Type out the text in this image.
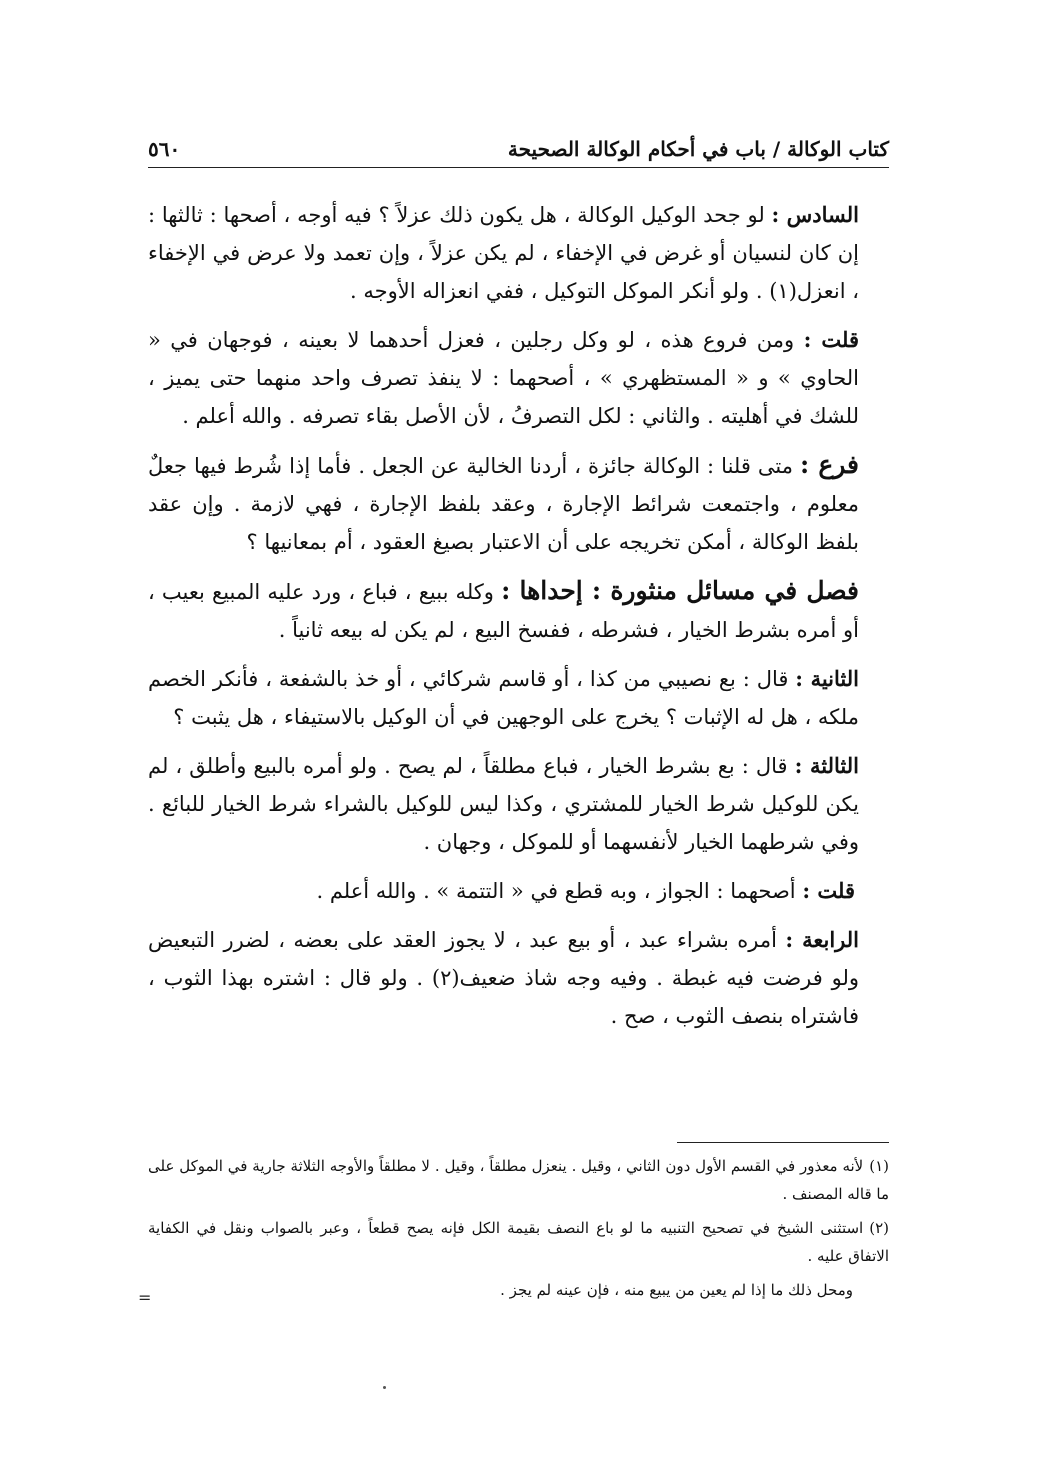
كتاب الوكالة / باب في أحكام الوكالة الصحيحة
٥٦٠

السادس : لو جحد الوكيل الوكالة ، هل يكون ذلك عزلاً ؟ فيه أوجه ، أصحها : ثالثها : إن كان لنسيان أو غرض في الإخفاء ، لم يكن عزلاً ، وإن تعمد ولا عرض في الإخفاء ، انعزل(١) . ولو أنكر الموكل التوكيل ، ففي انعزاله الأوجه .

قلت : ومن فروع هذه ، لو وكل رجلين ، فعزل أحدهما لا بعينه ، فوجهان في « الحاوي » و « المستظهري » ، أصحهما : لا ينفذ تصرف واحد منهما حتى يميز ، للشك في أهليته . والثاني : لكل التصرفُ ، لأن الأصل بقاء تصرفه . والله أعلم .

فرع : متى قلنا : الوكالة جائزة ، أردنا الخالية عن الجعل . فأما إذا شُرط فيها جعلٌ معلوم ، واجتمعت شرائط الإجارة ، وعقد بلفظ الإجارة ، فهي لازمة . وإن عقد بلفظ الوكالة ، أمكن تخريجه على أن الاعتبار بصيغ العقود ، أم بمعانيها ؟

فصل في مسائل منثورة : إحداها : وكله ببيع ، فباع ، ورد عليه المبيع بعيب ، أو أمره بشرط الخيار ، فشرطه ، ففسخ البيع ، لم يكن له بيعه ثانياً .

الثانية : قال : بع نصيبي من كذا ، أو قاسم شركائي ، أو خذ بالشفعة ، فأنكر الخصم ملكه ، هل له الإثبات ؟ يخرج على الوجهين في أن الوكيل بالاستيفاء ، هل يثبت ؟

الثالثة : قال : بع بشرط الخيار ، فباع مطلقاً ، لم يصح . ولو أمره بالبيع وأطلق ، لم يكن للوكيل شرط الخيار للمشتري ، وكذا ليس للوكيل بالشراء شرط الخيار للبائع . وفي شرطهما الخيار لأنفسهما أو للموكل ، وجهان .

قلت : أصحهما : الجواز ، وبه قطع في « التتمة » . والله أعلم .

الرابعة : أمره بشراء عبد ، أو بيع عبد ، لا يجوز العقد على بعضه ، لضرر التبعيض ولو فرضت فيه غبطة . وفيه وجه شاذ ضعيف(٢) . ولو قال : اشتره بهذا الثوب ، فاشتراه بنصف الثوب ، صح .

(١)لأنه معذور في القسم الأول دون الثاني ، وقيل . ينعزل مطلقاً ، وقيل . لا مطلقاً والأوجه الثلاثة جارية في الموكل على ما قاله المصنف .

(٢)استثنى الشيخ في تصحيح التنبيه ما لو باع النصف بقيمة الكل فإنه يصح قطعاً ، وعبر بالصواب ونقل في الكفاية الاتفاق عليه .

ومحل ذلك ما إذا لم يعين من يبيع منه ، فإن عينه لم يجز .

=
